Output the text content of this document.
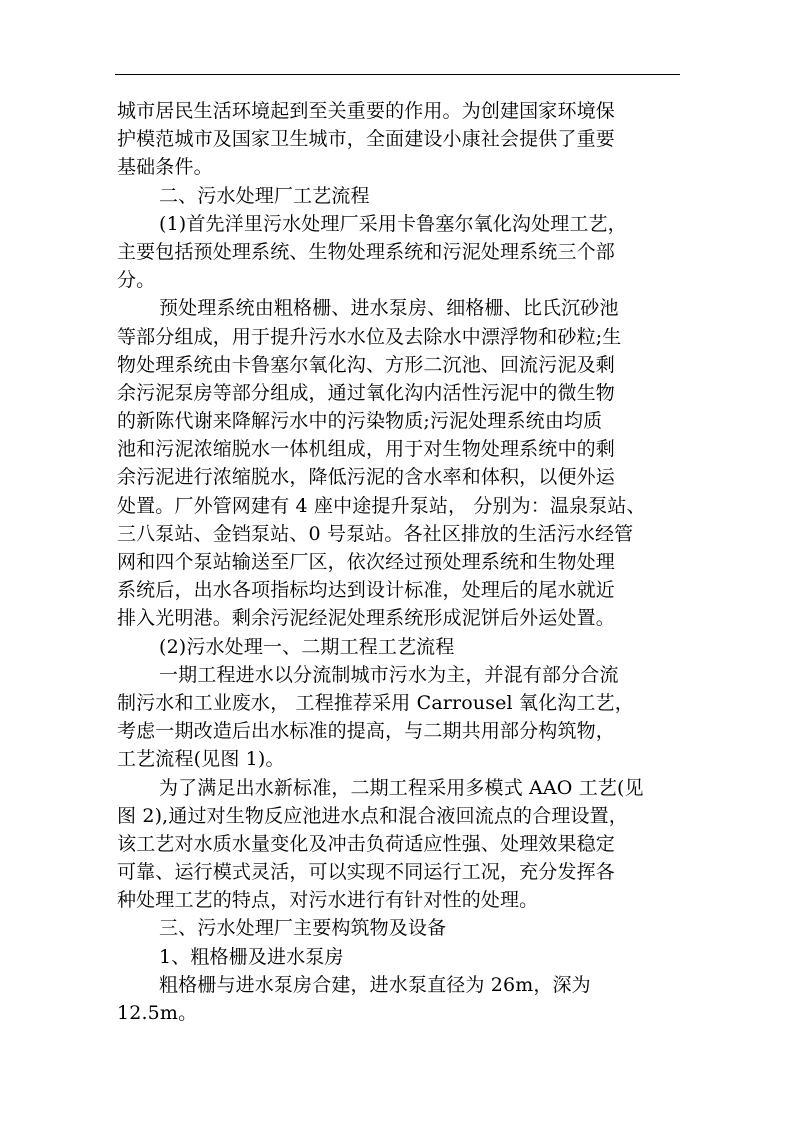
城市居民生活环境起到至关重要的作用。为创建国家环境保
护模范城市及国家卫生城市，全面建设小康社会提供了重要
基础条件。
二、污水处理厂工艺流程
(1)首先洋里污水处理厂采用卡鲁塞尔氧化沟处理工艺，
主要包括预处理系统、生物处理系统和污泥处理系统三个部
分。
预处理系统由粗格栅、进水泵房、细格栅、比氏沉砂池
等部分组成，用于提升污水水位及去除水中漂浮物和砂粒;生
物处理系统由卡鲁塞尔氧化沟、方形二沉池、回流污泥及剩
余污泥泵房等部分组成，通过氧化沟内活性污泥中的微生物
的新陈代谢来降解污水中的污染物质;污泥处理系统由均质
池和污泥浓缩脱水一体机组成，用于对生物处理系统中的剩
余污泥进行浓缩脱水，降低污泥的含水率和体积，以便外运
处置。厂外管网建有 4 座中途提升泵站， 分别为：温泉泵站、
三八泵站、金铛泵站、0 号泵站。各社区排放的生活污水经管
网和四个泵站输送至厂区，依次经过预处理系统和生物处理
系统后，出水各项指标均达到设计标准，处理后的尾水就近
排入光明港。剩余污泥经泥处理系统形成泥饼后外运处置。
(2)污水处理一、二期工程工艺流程
一期工程进水以分流制城市污水为主，并混有部分合流
制污水和工业废水， 工程推荐采用 Carrousel 氧化沟工艺，
考虑一期改造后出水标准的提高，与二期共用部分构筑物，
工艺流程(见图 1)。
为了满足出水新标准，二期工程采用多模式 AAO 工艺(见
图 2),通过对生物反应池进水点和混合液回流点的合理设置，
该工艺对水质水量变化及冲击负荷适应性强、处理效果稳定
可靠、运行模式灵活，可以实现不同运行工况，充分发挥各
种处理工艺的特点，对污水进行有针对性的处理。
三、污水处理厂主要构筑物及设备
1、粗格栅及进水泵房
粗格栅与进水泵房合建，进水泵直径为 26m，深为
12.5m。
